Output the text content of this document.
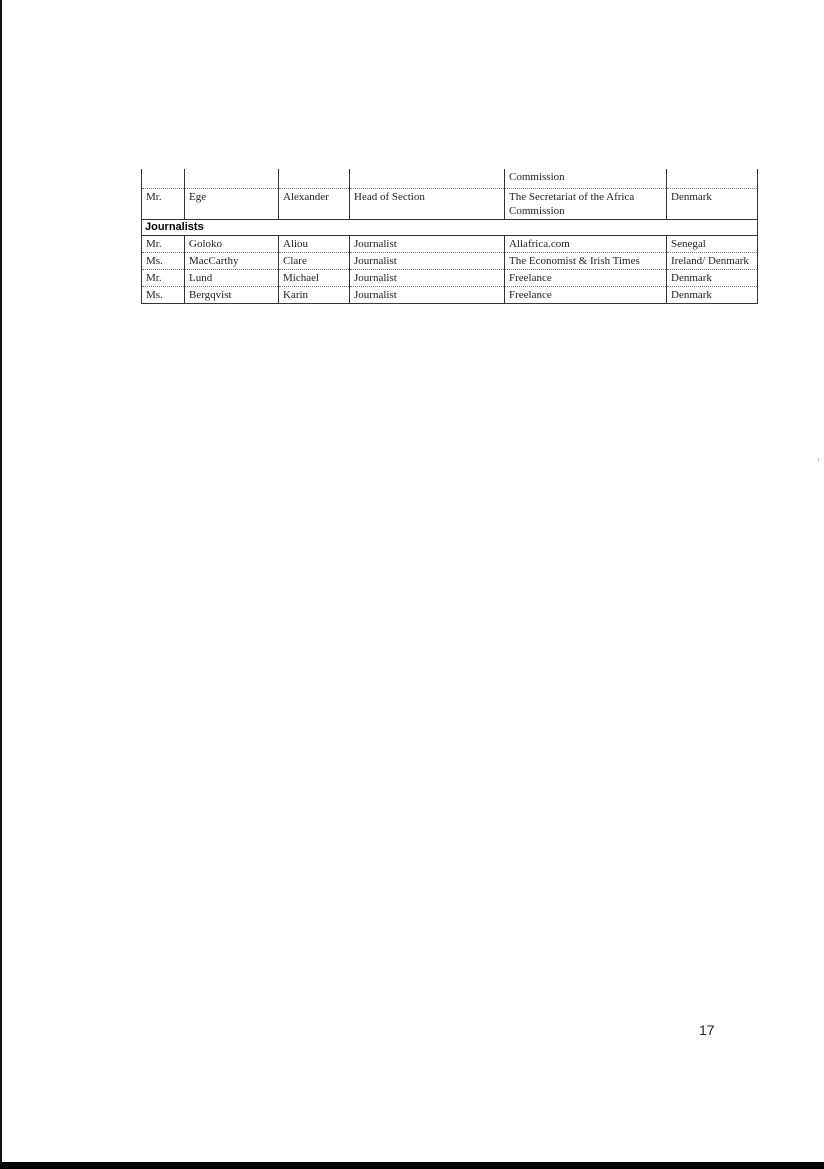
				Commission	
Mr.	Ege	Alexander	Head of Section	The Secretariat of the Africa Commission	Denmark
Journalists					
Mr.	Goloko	Aliou	Journalist	Allafrica.com	Senegal
Ms.	MacCarthy	Clare	Journalist	The Economist & Irish Times	Ireland/ Denmark
Mr.	Lund	Michael	Journalist	Freelance	Denmark
Ms.	Bergqvist	Karin	Journalist	Freelance	Denmark
17
